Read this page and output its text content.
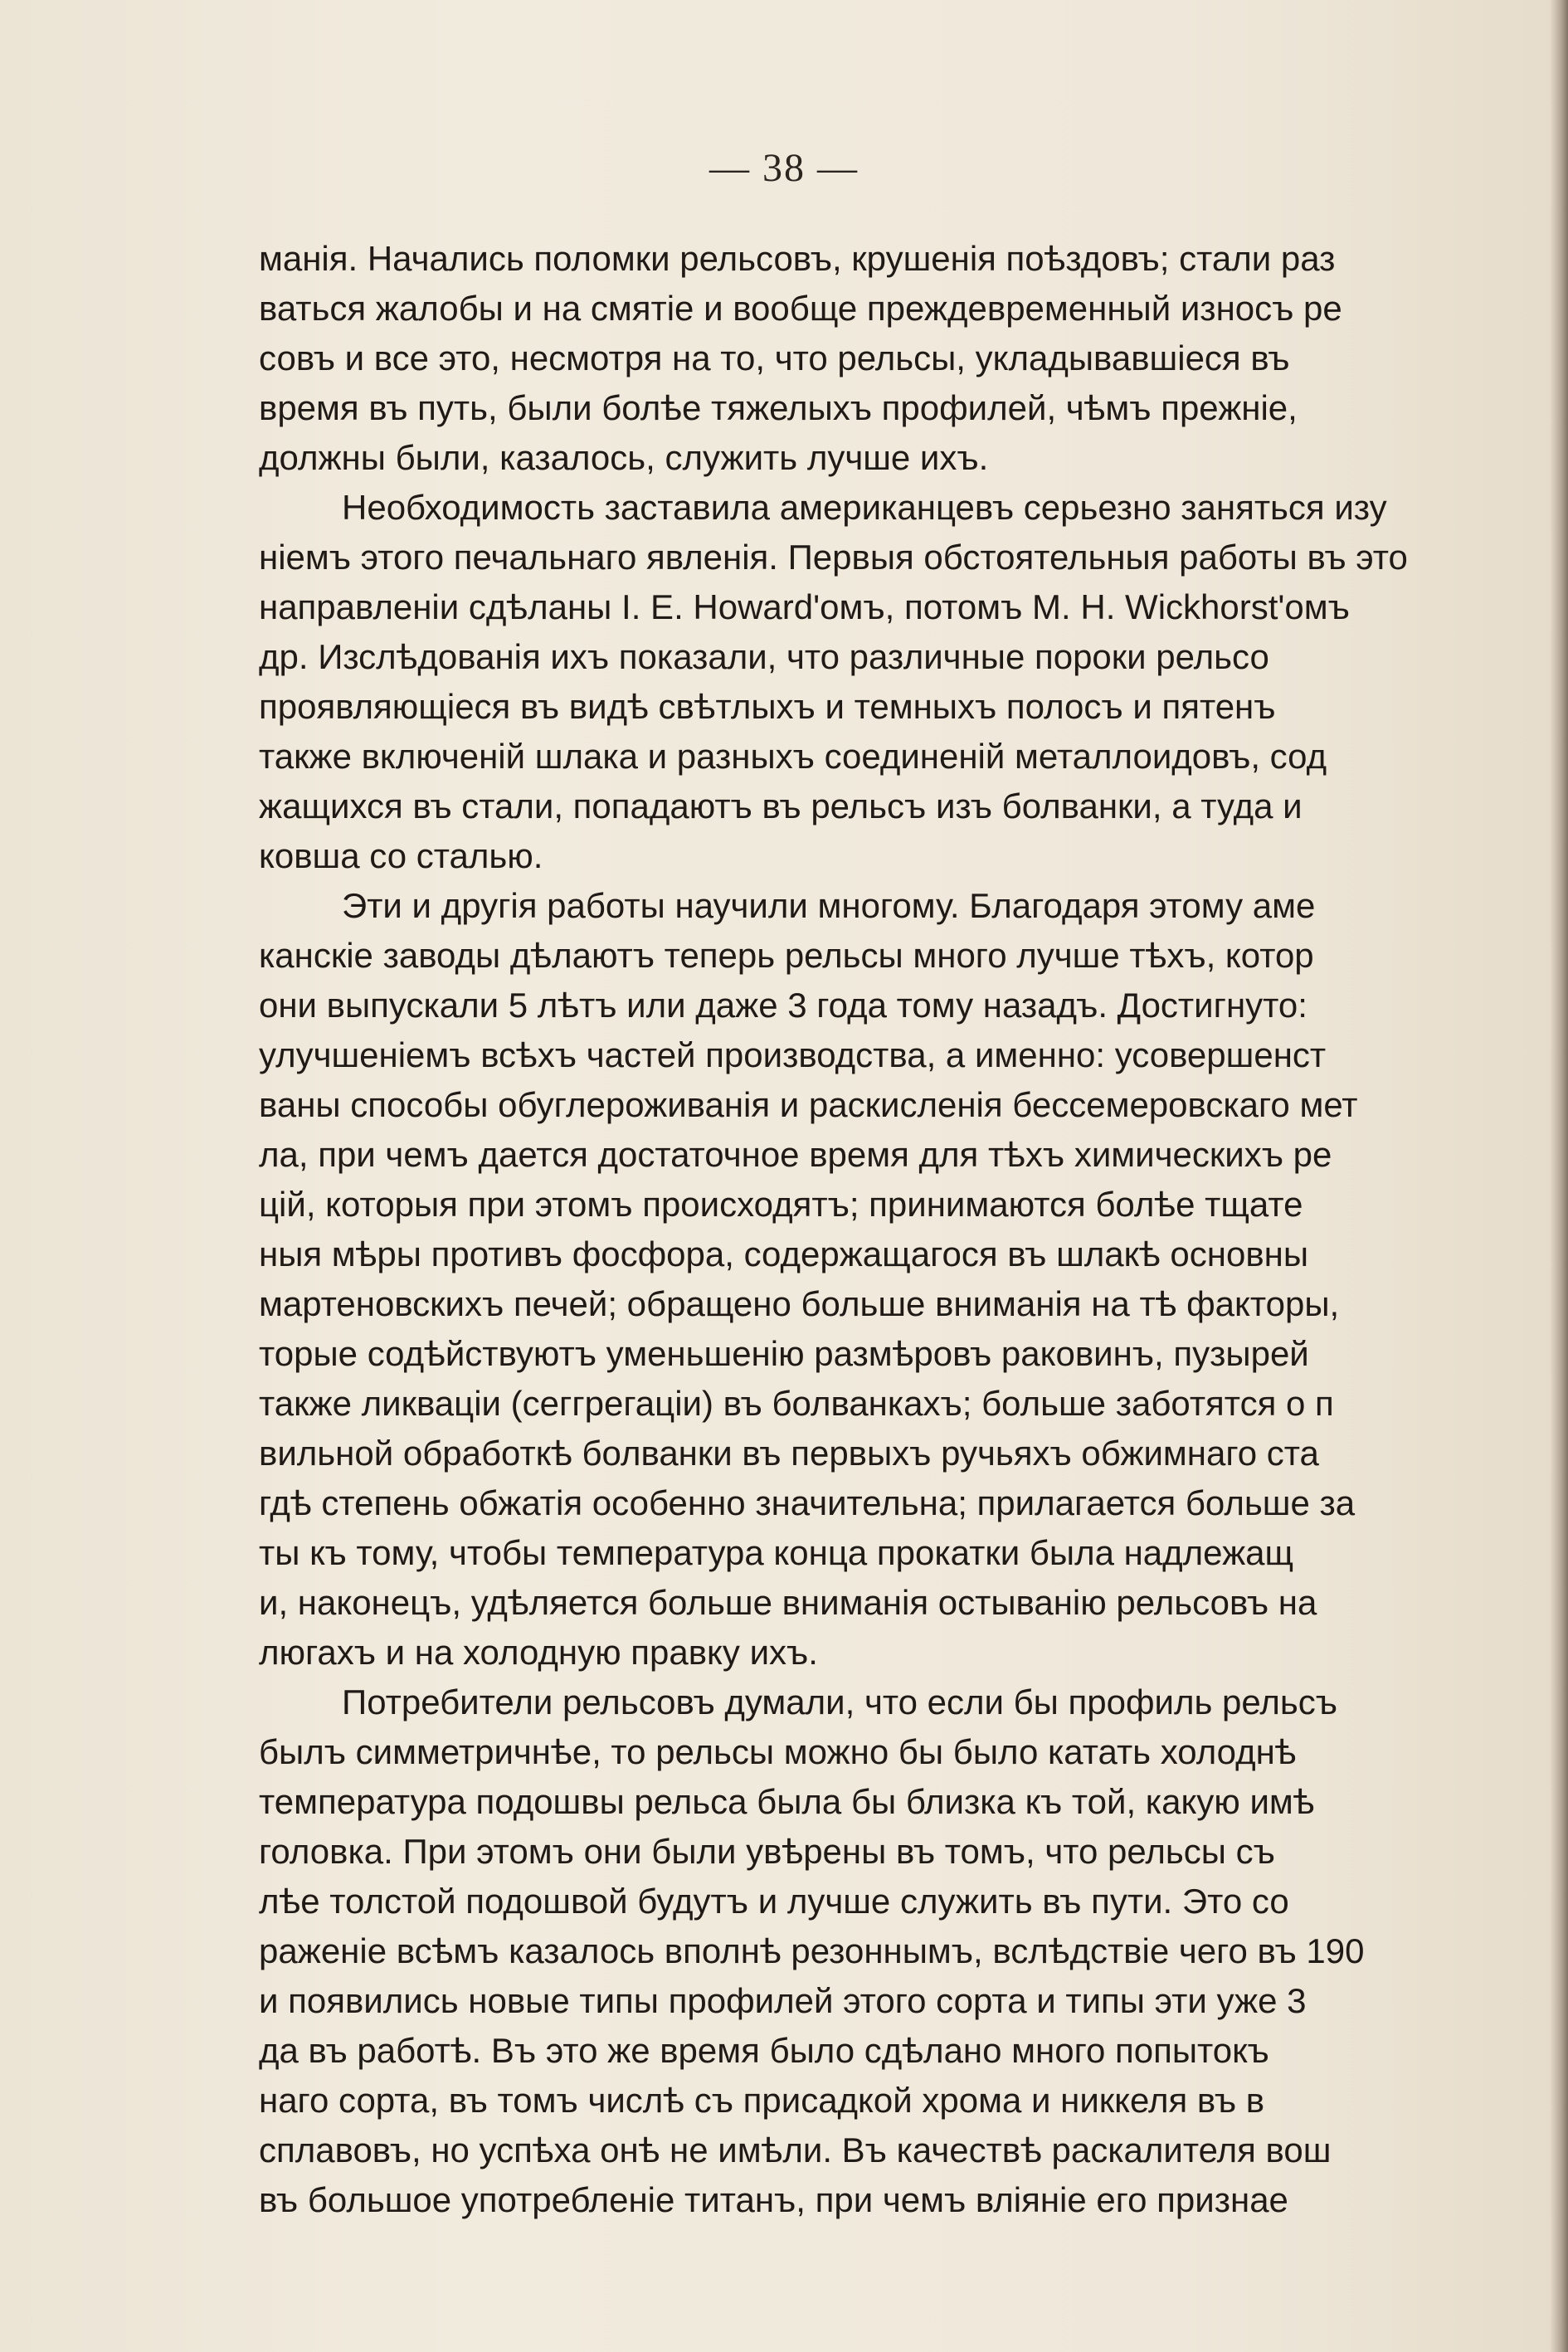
— 38 —
манія. Начались поломки рельсовъ, крушенія поѣздовъ; стали раз
ваться жалобы и на смятіе и вообще преждевременный износъ ре
совъ и все это, несмотря на то, что рельсы, укладывавшіеся въ
время въ путь, были болѣе тяжелыхъ профилей, чѣмъ прежніе,
должны были, казалось, служить лучше ихъ.
Необходимость заставила американцевъ серьезно заняться изу
ніемъ этого печальнаго явленія. Первыя обстоятельныя работы въ это
направленіи сдѣланы I. E. Howard'омъ, потомъ M. H. Wickhorst'омъ
др. Изслѣдованія ихъ показали, что различные пороки рельсо
проявляющіеся въ видѣ свѣтлыхъ и темныхъ полосъ и пятенъ
также включеній шлака и разныхъ соединеній металлоидовъ, сод
жащихся въ стали, попадаютъ въ рельсъ изъ болванки, а туда и
ковша со сталью.
Эти и другія работы научили многому. Благодаря этому аме
канскіе заводы дѣлаютъ теперь рельсы много лучше тѣхъ, котор
они выпускали 5 лѣтъ или даже 3 года тому назадъ. Достигнуто:
улучшеніемъ всѣхъ частей производства, а именно: усовершенст
ваны способы обуглероживанія и раскисленія бессемеровскаго мет
ла, при чемъ дается достаточное время для тѣхъ химическихъ ре
цій, которыя при этомъ происходятъ; принимаются болѣе тщате
ныя мѣры противъ фосфора, содержащагося въ шлакѣ основны
мартеновскихъ печей; обращено больше вниманія на тѣ факторы,
торые содѣйствуютъ уменьшенію размѣровъ раковинъ, пузырей
также ликваціи (сеггрегаціи) въ болванкахъ; больше заботятся о п
вильной обработкѣ болванки въ первыхъ ручьяхъ обжимнаго ста
гдѣ степень обжатія особенно значительна; прилагается больше за
ты къ тому, чтобы температура конца прокатки была надлежащ
и, наконецъ, удѣляется больше вниманія остыванію рельсовъ на
люгахъ и на холодную правку ихъ.
Потребители рельсовъ думали, что если бы профиль рельсъ
былъ симметричнѣе, то рельсы можно бы было катать холоднѣ
температура подошвы рельса была бы близка къ той, какую имѣ
головка. При этомъ они были увѣрены въ томъ, что рельсы съ
лѣе толстой подошвой будутъ и лучше служить въ пути. Это со
раженіе всѣмъ казалось вполнѣ резоннымъ, вслѣдствіе чего въ 190
и появились новые типы профилей этого сорта и типы эти уже 3
да въ работѣ. Въ это же время было сдѣлано много попытокъ
наго сорта, въ томъ числѣ съ присадкой хрома и никкеля въ в
сплавовъ, но успѣха онѣ не имѣли. Въ качествѣ раскалителя вош
въ большое употребленіе титанъ, при чемъ вліяніе его признае
